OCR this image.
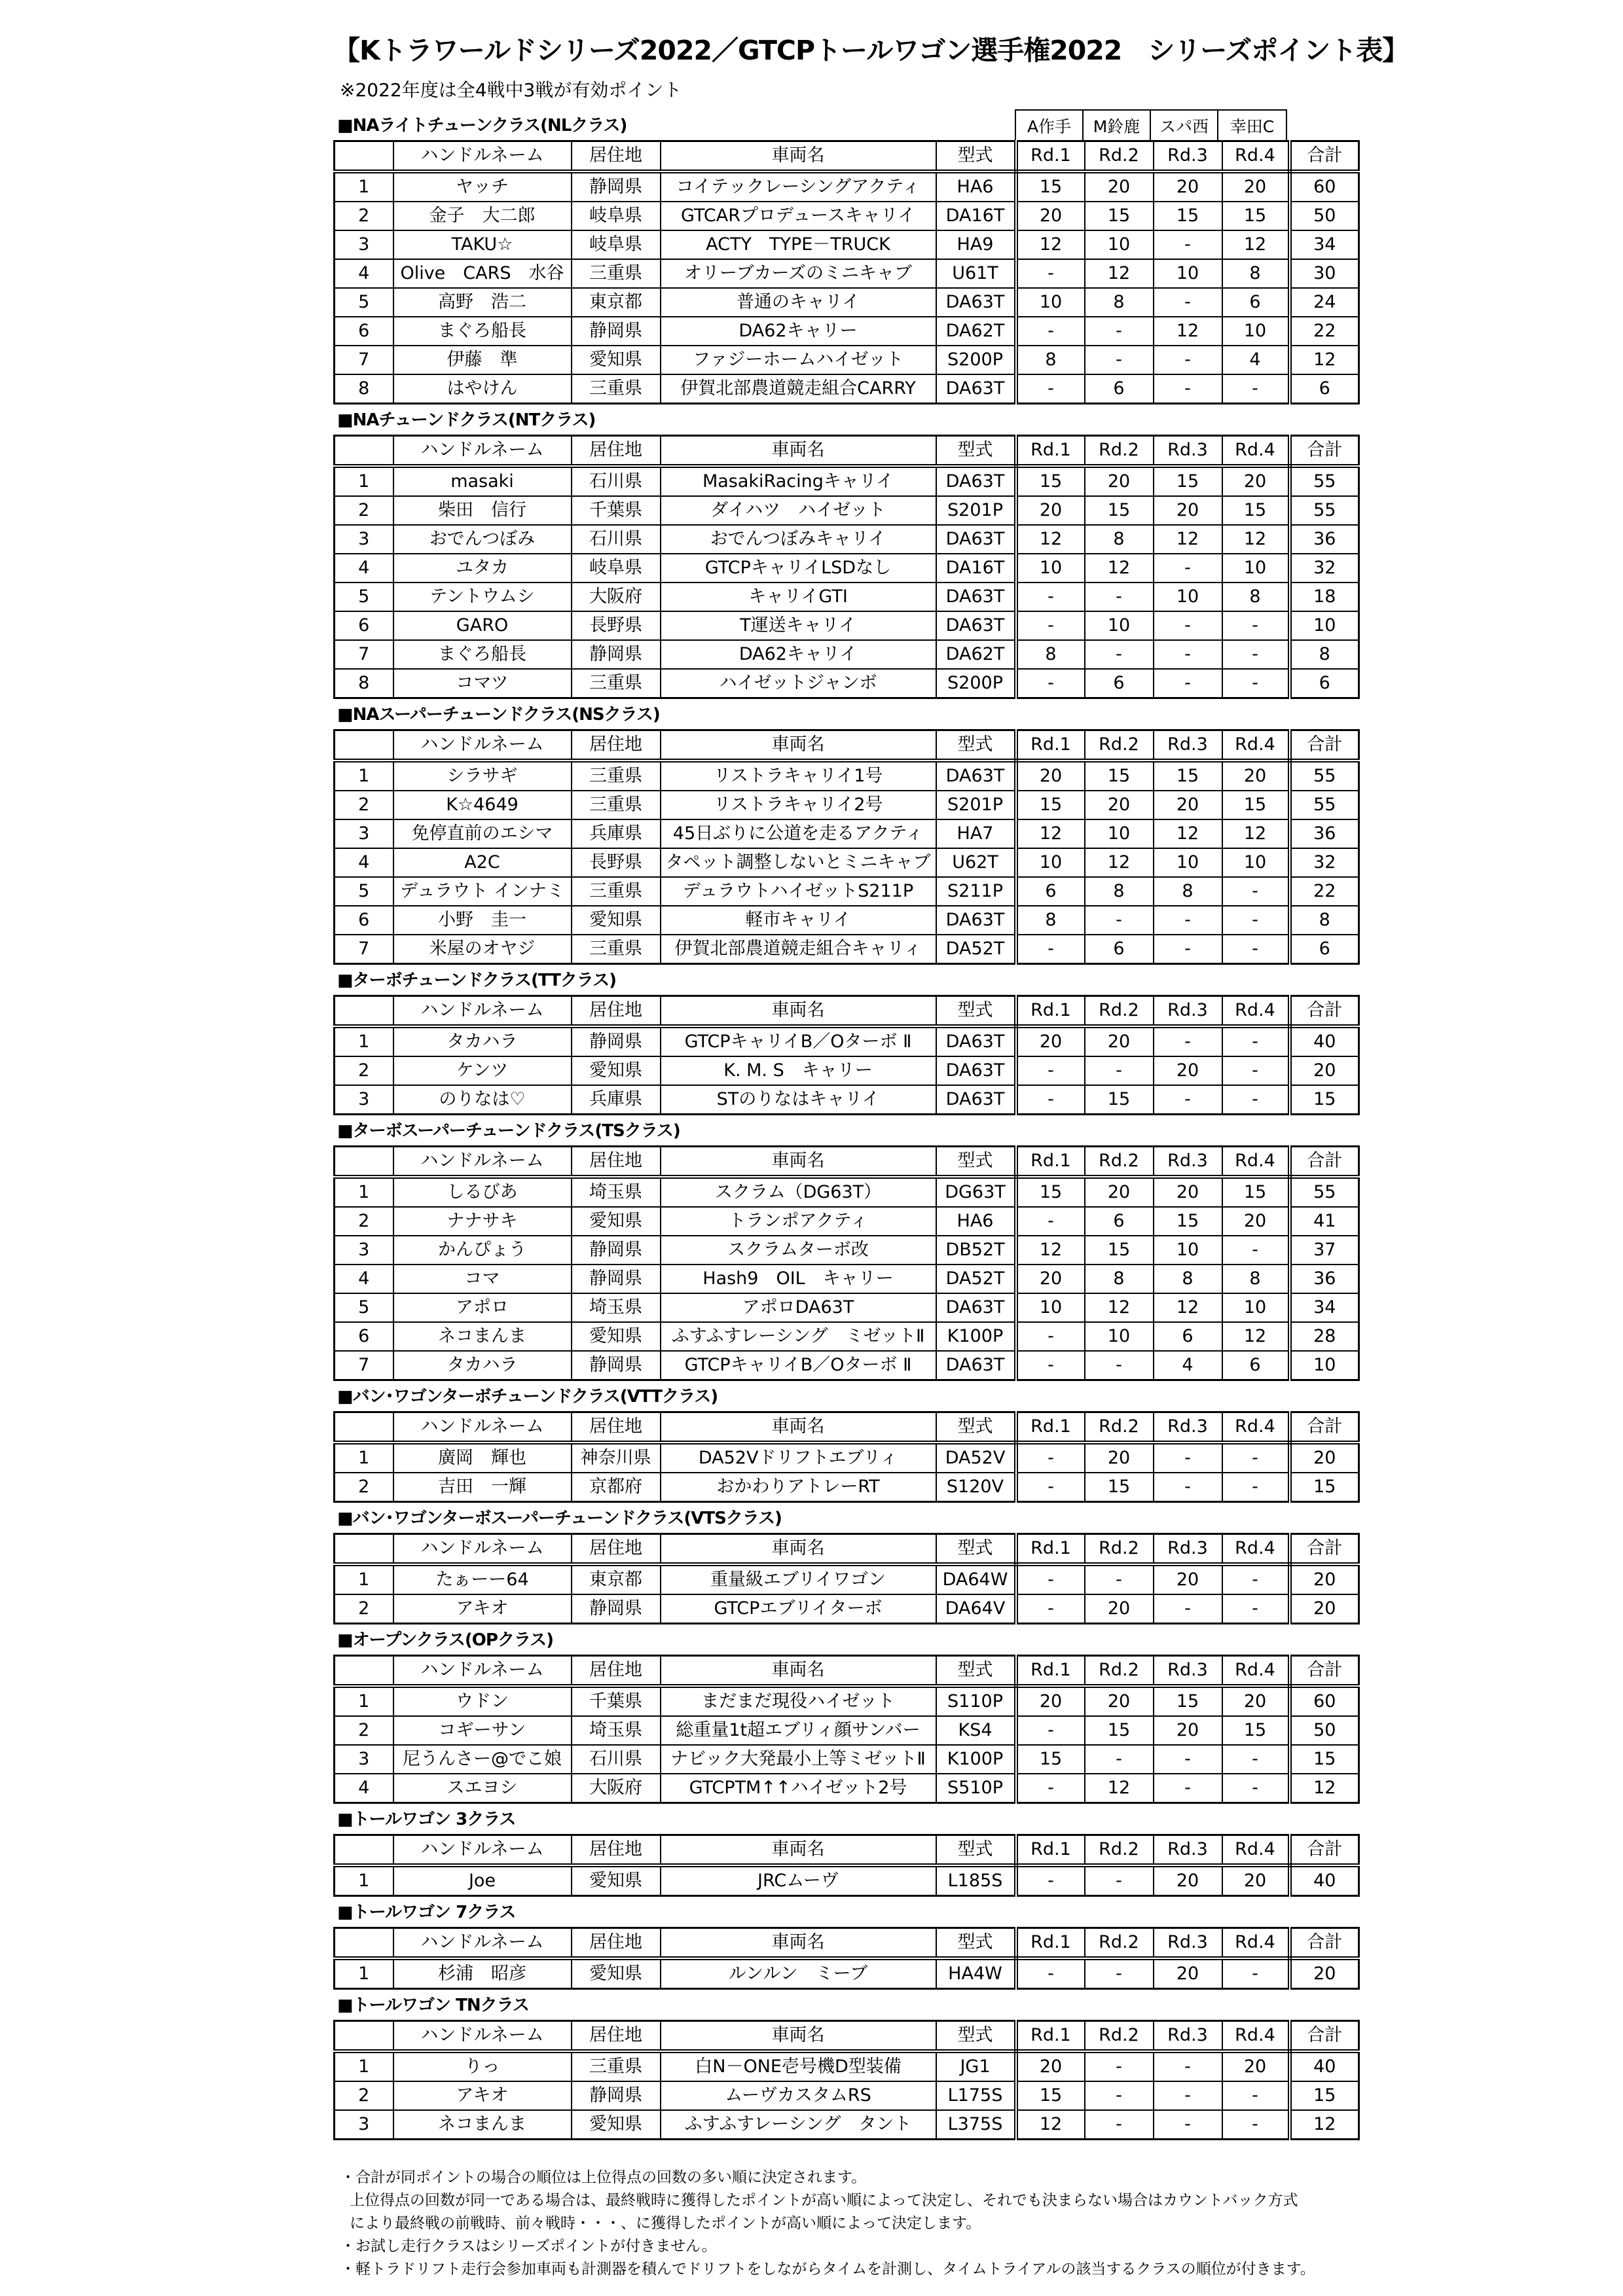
【Kトラワールドシリーズ2022／GTCPトールワゴン選手権2022　シリーズポイント表】
※2022年度は全4戦中3戦が有効ポイント
■NAライトチューンクラス(NLクラス)	A作手	M鈴鹿	スパ西	幸田C
	ハンドルネーム	居住地	車両名	型式	Rd.1	Rd.2	Rd.3	Rd.4	合計
1	ヤッチ	静岡県	コイテックレーシングアクティ	HA6	15	20	20	20	60
2	金子　大二郎	岐阜県	GTCARプロデュースキャリイ	DA16T	20	15	15	15	50
3	TAKU☆	岐阜県	ACTY　TYPE－TRUCK	HA9	12	10	-	12	34
4	Olive　CARS　水谷	三重県	オリーブカーズのミニキャブ	U61T	-	12	10	8	30
5	高野　浩二	東京都	普通のキャリイ	DA63T	10	8	-	6	24
6	まぐろ船長	静岡県	DA62キャリー	DA62T	-	-	12	10	22
7	伊藤　準	愛知県	ファジーホームハイゼット	S200P	8	-	-	4	12
8	はやけん	三重県	伊賀北部農道競走組合CARRY	DA63T	-	6	-	-	6
■NAチューンドクラス(NTクラス)
	ハンドルネーム	居住地	車両名	型式	Rd.1	Rd.2	Rd.3	Rd.4	合計
1	masaki	石川県	MasakiRacingキャリイ	DA63T	15	20	15	20	55
2	柴田　信行	千葉県	ダイハツ　ハイゼット	S201P	20	15	20	15	55
3	おでんつぼみ	石川県	おでんつぼみキャリイ	DA63T	12	8	12	12	36
4	ユタカ	岐阜県	GTCPキャリイLSDなし	DA16T	10	12	-	10	32
5	テントウムシ	大阪府	キャリイGTI	DA63T	-	-	10	8	18
6	GARO	長野県	T運送キャリイ	DA63T	-	10	-	-	10
7	まぐろ船長	静岡県	DA62キャリイ	DA62T	8	-	-	-	8
8	コマツ	三重県	ハイゼットジャンボ	S200P	-	6	-	-	6
■NAスーパーチューンドクラス(NSクラス)
	ハンドルネーム	居住地	車両名	型式	Rd.1	Rd.2	Rd.3	Rd.4	合計
1	シラサギ	三重県	リストラキャリイ1号	DA63T	20	15	15	20	55
2	K☆4649	三重県	リストラキャリイ2号	S201P	15	20	20	15	55
3	免停直前のエシマ	兵庫県	45日ぶりに公道を走るアクティ	HA7	12	10	12	12	36
4	A2C	長野県	タペット調整しないとミニキャブ	U62T	10	12	10	10	32
5	デュラウト インナミ	三重県	デュラウトハイゼットS211P	S211P	6	8	8	-	22
6	小野　圭一	愛知県	軽市キャリイ	DA63T	8	-	-	-	8
7	米屋のオヤジ	三重県	伊賀北部農道競走組合キャリィ	DA52T	-	6	-	-	6
■ターボチューンドクラス(TTクラス)
	ハンドルネーム	居住地	車両名	型式	Rd.1	Rd.2	Rd.3	Rd.4	合計
1	タカハラ	静岡県	GTCPキャリイB／Oターボ Ⅱ	DA63T	20	20	-	-	40
2	ケンツ	愛知県	K. M. S　キャリー	DA63T	-	-	20	-	20
3	のりなは♡	兵庫県	STのりなはキャリイ	DA63T	-	15	-	-	15
■ターボスーパーチューンドクラス(TSクラス)
	ハンドルネーム	居住地	車両名	型式	Rd.1	Rd.2	Rd.3	Rd.4	合計
1	しるびあ	埼玉県	スクラム（DG63T）	DG63T	15	20	20	15	55
2	ナナサキ	愛知県	トランポアクティ	HA6	-	6	15	20	41
3	かんぴょう	静岡県	スクラムターボ改	DB52T	12	15	10	-	37
4	コマ	静岡県	Hash9　OIL　キャリー	DA52T	20	8	8	8	36
5	アポロ	埼玉県	アポロDA63T	DA63T	10	12	12	10	34
6	ネコまんま	愛知県	ふすふすレーシング　ミゼットⅡ	K100P	-	10	6	12	28
7	タカハラ	静岡県	GTCPキャリイB／Oターボ Ⅱ	DA63T	-	-	4	6	10
■バン･ワゴンターボチューンドクラス(VTTクラス)
	ハンドルネーム	居住地	車両名	型式	Rd.1	Rd.2	Rd.3	Rd.4	合計
1	廣岡　輝也	神奈川県	DA52Vドリフトエブリィ	DA52V	-	20	-	-	20
2	吉田　一輝	京都府	おかわりアトレーRT	S120V	-	15	-	-	15
■バン･ワゴンターボスーパーチューンドクラス(VTSクラス)
	ハンドルネーム	居住地	車両名	型式	Rd.1	Rd.2	Rd.3	Rd.4	合計
1	たぁーー64	東京都	重量級エブリイワゴン	DA64W	-	-	20	-	20
2	アキオ	静岡県	GTCPエブリイターボ	DA64V	-	20	-	-	20
■オープンクラス(OPクラス)
	ハンドルネーム	居住地	車両名	型式	Rd.1	Rd.2	Rd.3	Rd.4	合計
1	ウドン	千葉県	まだまだ現役ハイゼット	S110P	20	20	15	20	60
2	コギーサン	埼玉県	総重量1t超エブリィ顔サンバー	KS4	-	15	20	15	50
3	尼うんさー@でこ娘	石川県	ナビック大発最小上等ミゼットⅡ	K100P	15	-	-	-	15
4	スエヨシ	大阪府	GTCPTM↑↑ハイゼット2号	S510P	-	12	-	-	12
■トールワゴン 3クラス
	ハンドルネーム	居住地	車両名	型式	Rd.1	Rd.2	Rd.3	Rd.4	合計
1	Joe	愛知県	JRCムーヴ	L185S	-	-	20	20	40
■トールワゴン 7クラス
	ハンドルネーム	居住地	車両名	型式	Rd.1	Rd.2	Rd.3	Rd.4	合計
1	杉浦　昭彦	愛知県	ルンルン　ミーブ	HA4W	-	-	20	-	20
■トールワゴン TNクラス
	ハンドルネーム	居住地	車両名	型式	Rd.1	Rd.2	Rd.3	Rd.4	合計
1	りっ	三重県	白N－ONE壱号機D型装備	JG1	20	-	-	20	40
2	アキオ	静岡県	ムーヴカスタムRS	L175S	15	-	-	-	15
3	ネコまんま	愛知県	ふすふすレーシング　タント	L375S	12	-	-	-	12
・合計が同ポイントの場合の順位は上位得点の回数の多い順に決定されます。
上位得点の回数が同一である場合は、最終戦時に獲得したポイントが高い順によって決定し、それでも決まらない場合はカウントバック方式
により最終戦の前戦時、前々戦時・・・、に獲得したポイントが高い順によって決定します。
・お試し走行クラスはシリーズポイントが付きません。
・軽トラドリフト走行会参加車両も計測器を積んでドリフトをしながらタイムを計測し、タイムトライアルの該当するクラスの順位が付きます。
